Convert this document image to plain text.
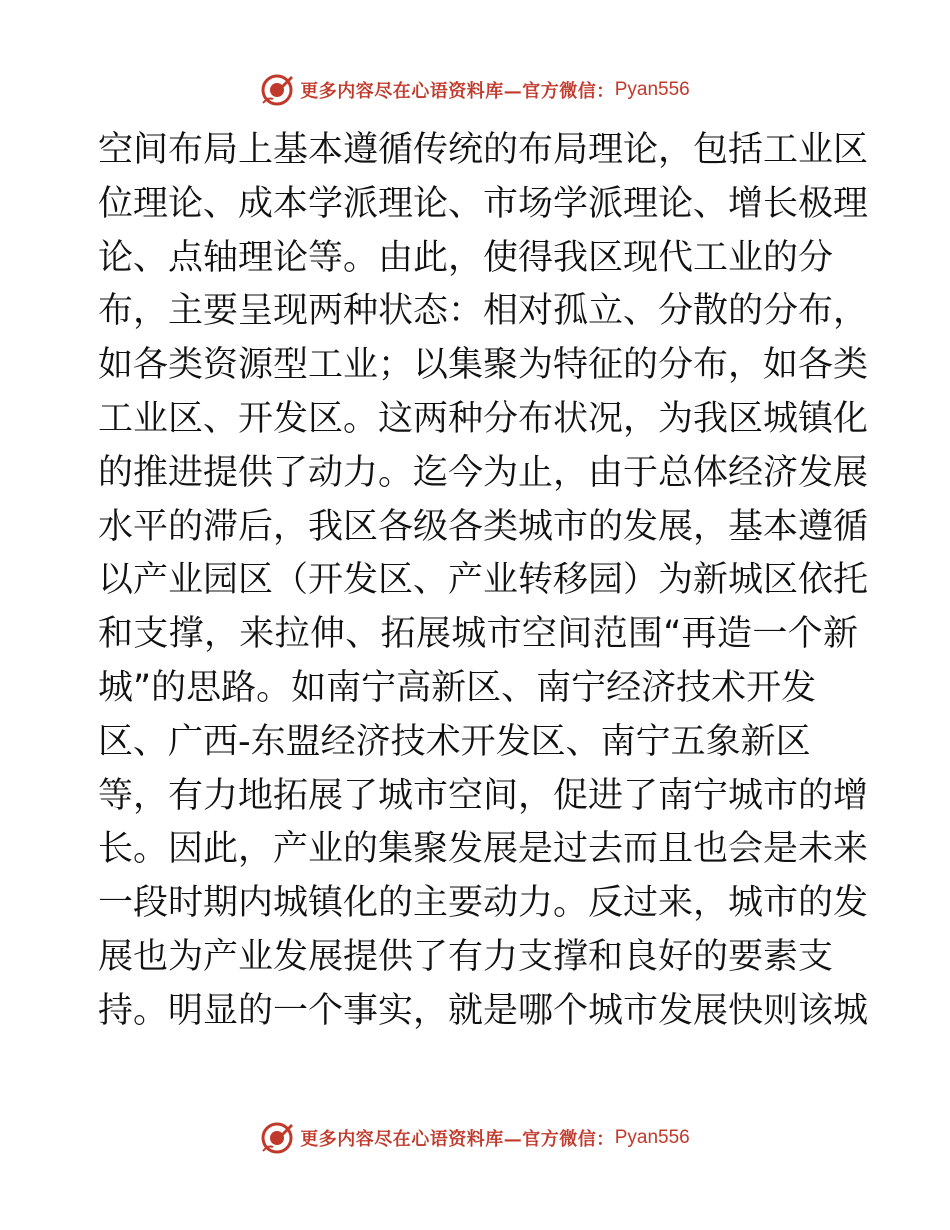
更多内容尽在心语资料库—官方微信： Pyan556
空间布局上基本遵循传统的布局理论，包括工业区
位理论、成本学派理论、市场学派理论、增长极理
论、点轴理论等。由此，使得我区现代工业的分
布，主要呈现两种状态：相对孤立、分散的分布，
如各类资源型工业；以集聚为特征的分布，如各类
工业区、开发区。这两种分布状况，为我区城镇化
的推进提供了动力。迄今为止，由于总体经济发展
水平的滞后，我区各级各类城市的发展，基本遵循
以产业园区（开发区、产业转移园）为新城区依托
和支撑，来拉伸、拓展城市空间范围“再造一个新
城”的思路。如南宁高新区、南宁经济技术开发
区、广西-东盟经济技术开发区、南宁五象新区
等，有力地拓展了城市空间，促进了南宁城市的增
长。因此，产业的集聚发展是过去而且也会是未来
一段时期内城镇化的主要动力。反过来，城市的发
展也为产业发展提供了有力支撑和良好的要素支
持。明显的一个事实，就是哪个城市发展快则该城
更多内容尽在心语资料库—官方微信： Pyan556
